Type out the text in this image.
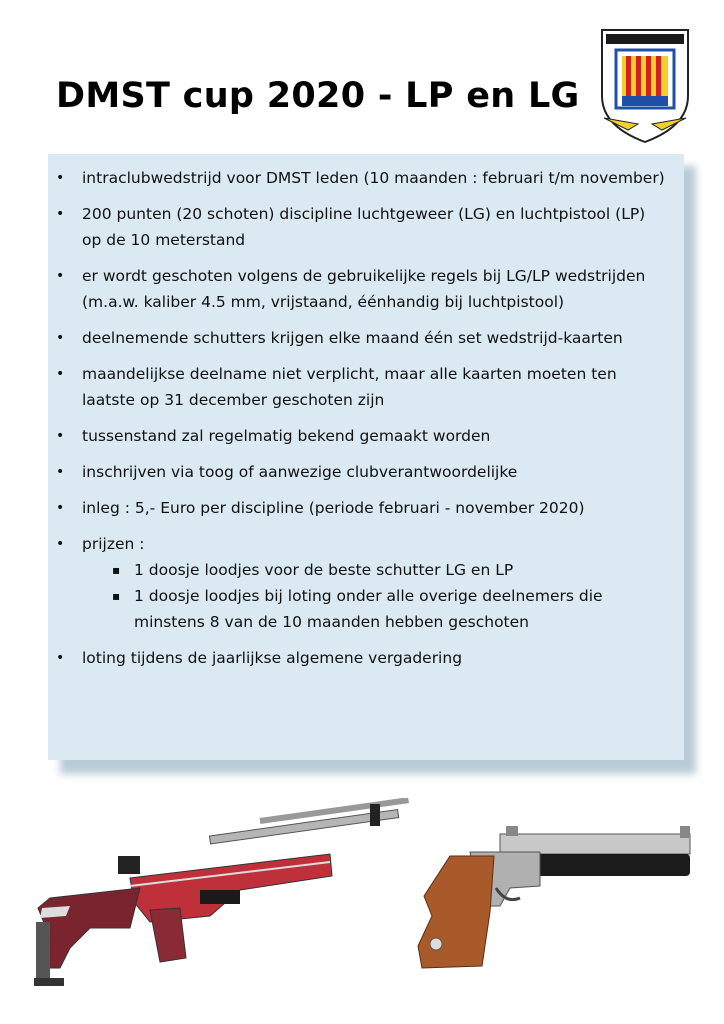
DMST cup 2020 - LP en LG
• intraclubwedstrijd voor DMST leden (10 maanden : februari t/m november)
• 200 punten (20 schoten) discipline luchtgeweer (LG) en luchtpistool (LP) op de 10 meterstand
• er wordt geschoten volgens de gebruikelijke regels bij LG/LP wedstrijden (m.a.w. kaliber 4.5 mm, vrijstaand, éénhandig bij luchtpistool)
• deelnemende schutters krijgen elke maand één set wedstrijd-kaarten
• maandelijkse deelname niet verplicht, maar alle kaarten moeten ten laatste op 31 december geschoten zijn
• tussenstand zal regelmatig bekend gemaakt worden
• inschrijven via toog of aanwezige clubverantwoordelijke
• inleg : 5,- Euro per discipline (periode februari - november 2020)
• prijzen :
▪ 1 doosje loodjes voor de beste schutter LG en LP
▪ 1 doosje loodjes bij loting onder alle overige deelnemers die minstens 8 van de 10 maanden hebben geschoten
• loting tijdens de jaarlijkse algemene vergadering
